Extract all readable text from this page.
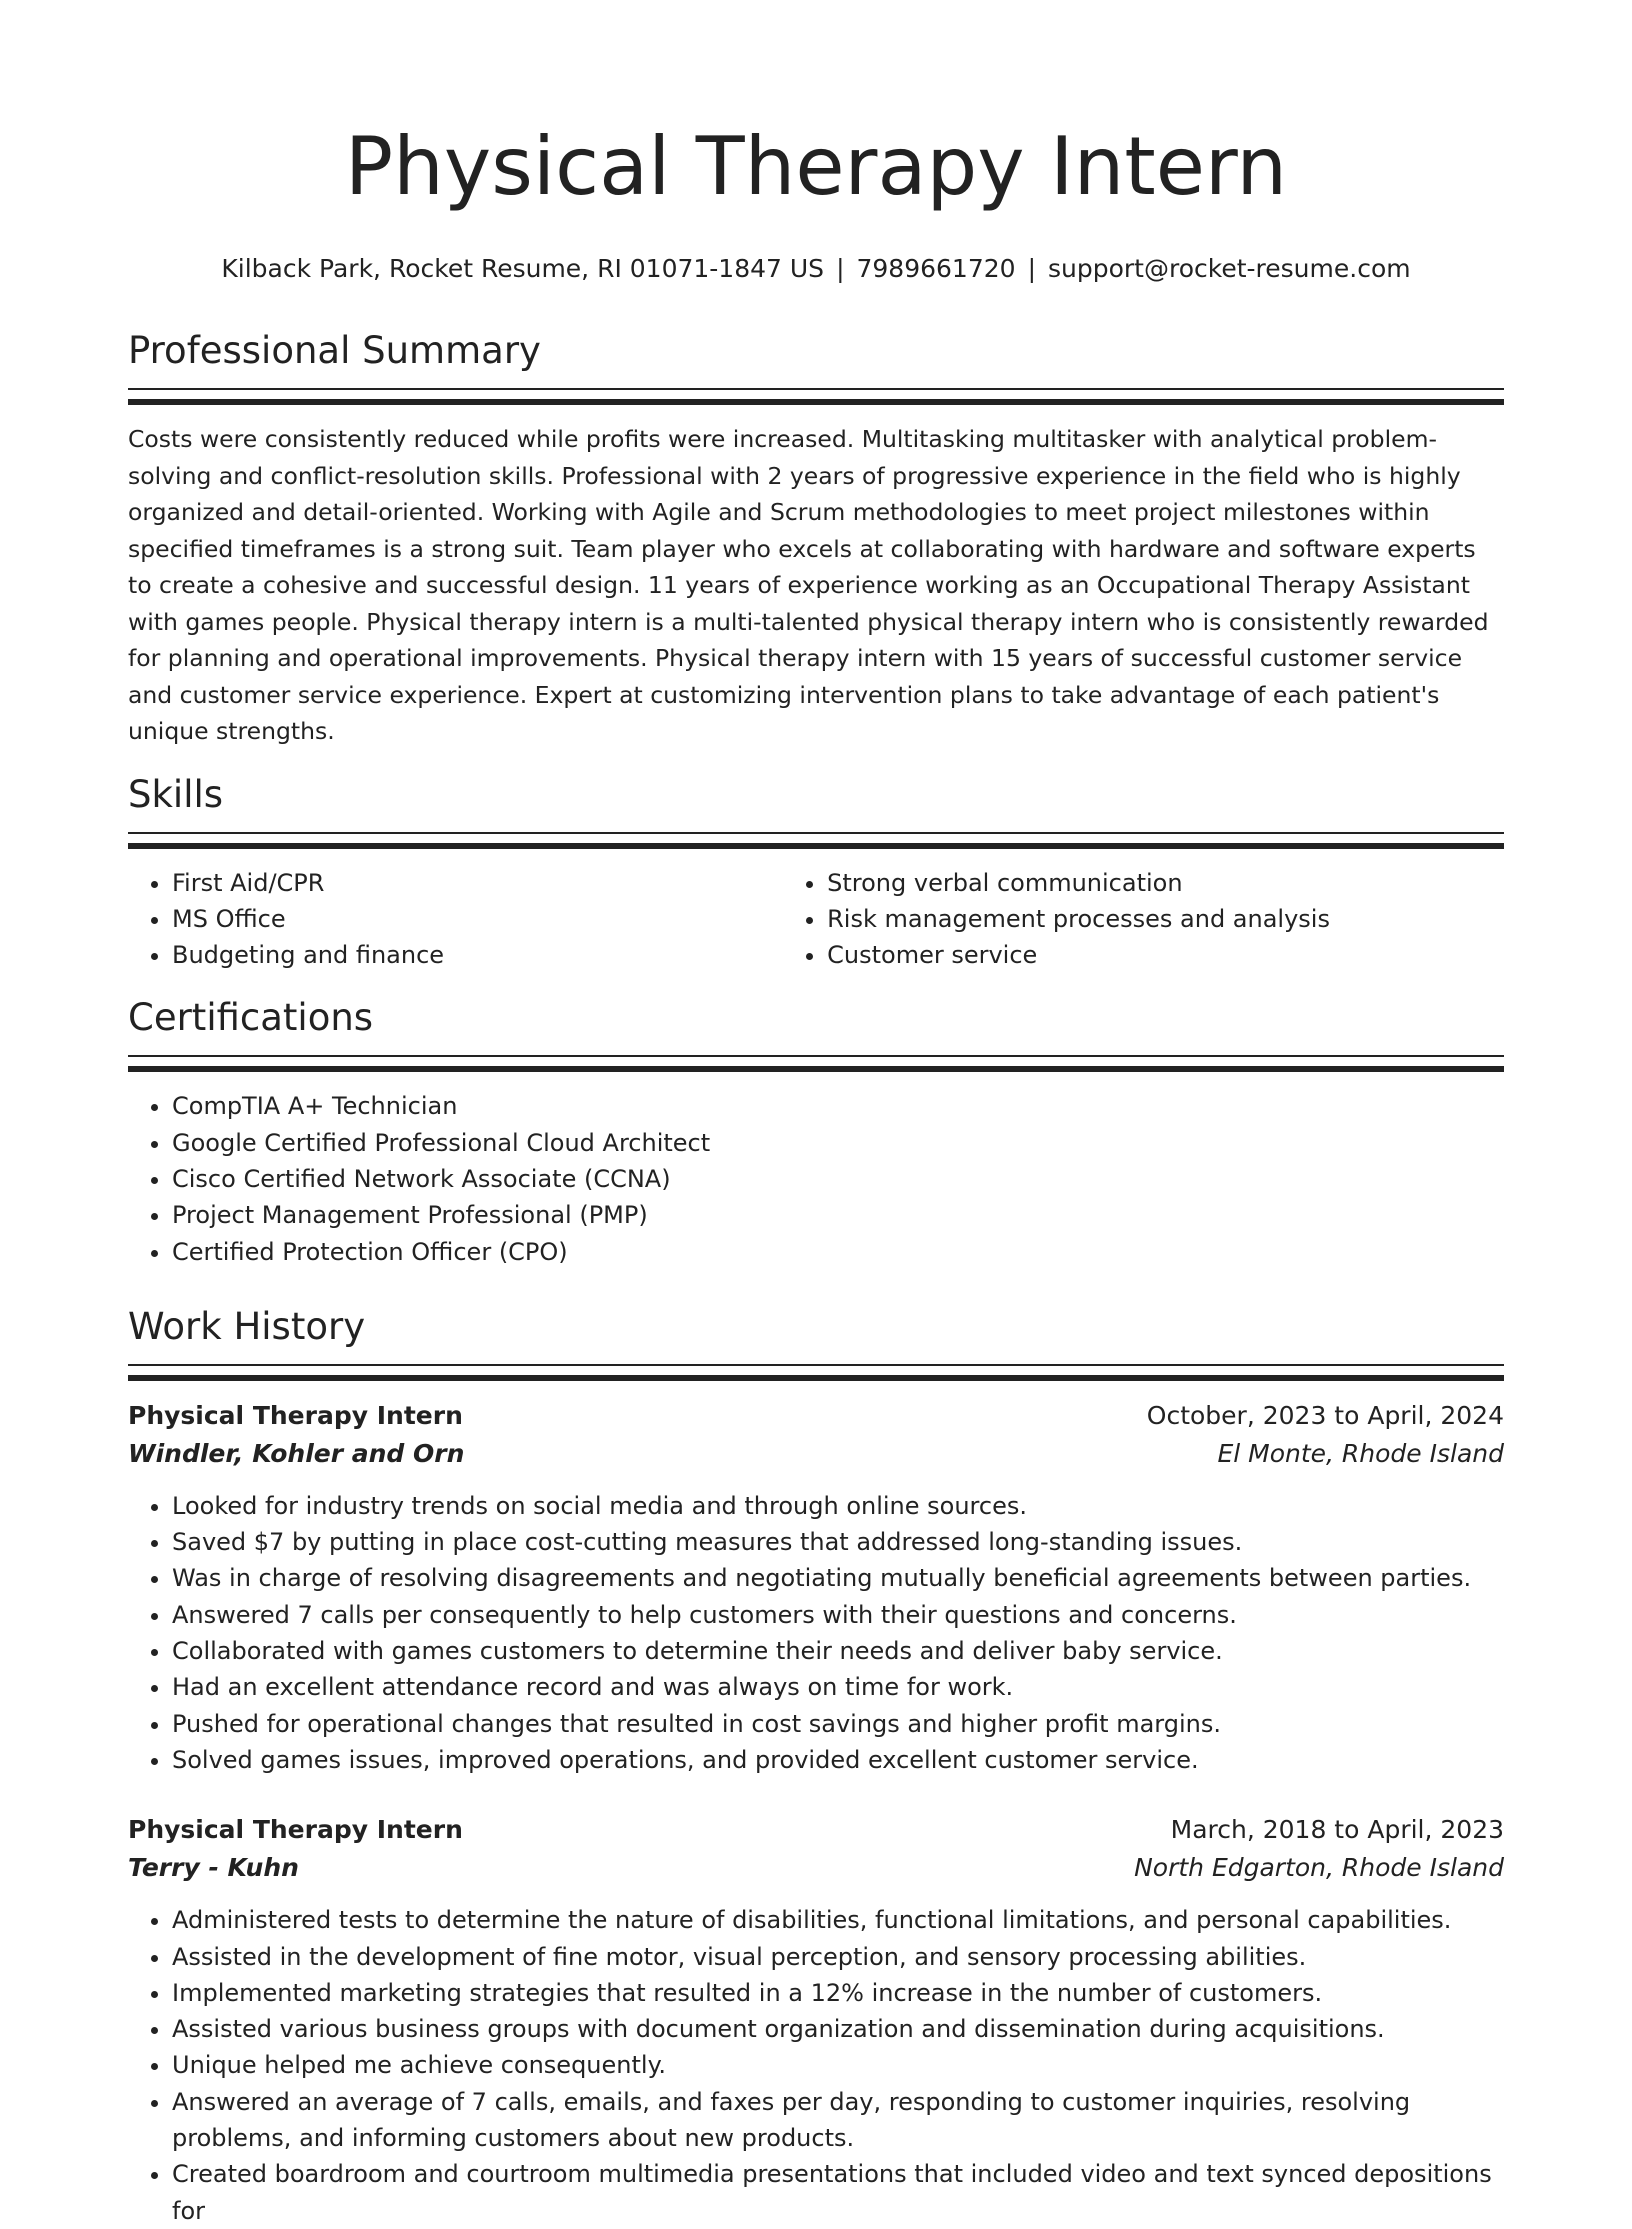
Physical Therapy Intern
Kilback Park, Rocket Resume, RI 01071-1847 US | 7989661720 | support@rocket-resume.com
Professional Summary

Costs were consistently reduced while profits were increased. Multitasking multitasker with analytical problem-solving and conflict-resolution skills. Professional with 2 years of progressive experience in the field who is highly organized and detail-oriented. Working with Agile and Scrum methodologies to meet project milestones within specified timeframes is a strong suit. Team player who excels at collaborating with hardware and software experts to create a cohesive and successful design. 11 years of experience working as an Occupational Therapy Assistant with games people. Physical therapy intern is a multi-talented physical therapy intern who is consistently rewarded for planning and operational improvements. Physical therapy intern with 15 years of successful customer service and customer service experience. Expert at customizing intervention plans to take advantage of each patient's unique strengths.

Skills
• First Aid/CPR
• MS Office
• Budgeting and finance
• Strong verbal communication
• Risk management processes and analysis
• Customer service
Certifications
• CompTIA A+ Technician
• Google Certified Professional Cloud Architect
• Cisco Certified Network Associate (CCNA)
• Project Management Professional (PMP)
• Certified Protection Officer (CPO)
Work History
Physical Therapy Intern	October, 2023 to April, 2024
Windler, Kohler and Orn	El Monte, Rhode Island
• Looked for industry trends on social media and through online sources.
• Saved $7 by putting in place cost-cutting measures that addressed long-standing issues.
• Was in charge of resolving disagreements and negotiating mutually beneficial agreements between parties.
• Answered 7 calls per consequently to help customers with their questions and concerns.
• Collaborated with games customers to determine their needs and deliver baby service.
• Had an excellent attendance record and was always on time for work.
• Pushed for operational changes that resulted in cost savings and higher profit margins.
• Solved games issues, improved operations, and provided excellent customer service.
Physical Therapy Intern	March, 2018 to April, 2023
Terry - Kuhn	North Edgarton, Rhode Island
• Administered tests to determine the nature of disabilities, functional limitations, and personal capabilities.
• Assisted in the development of fine motor, visual perception, and sensory processing abilities.
• Implemented marketing strategies that resulted in a 12% increase in the number of customers.
• Assisted various business groups with document organization and dissemination during acquisitions.
• Unique helped me achieve consequently.
• Answered an average of 7 calls, emails, and faxes per day, responding to customer inquiries, resolving problems, and informing customers about new products.
• Created boardroom and courtroom multimedia presentations that included video and text synced depositions for
